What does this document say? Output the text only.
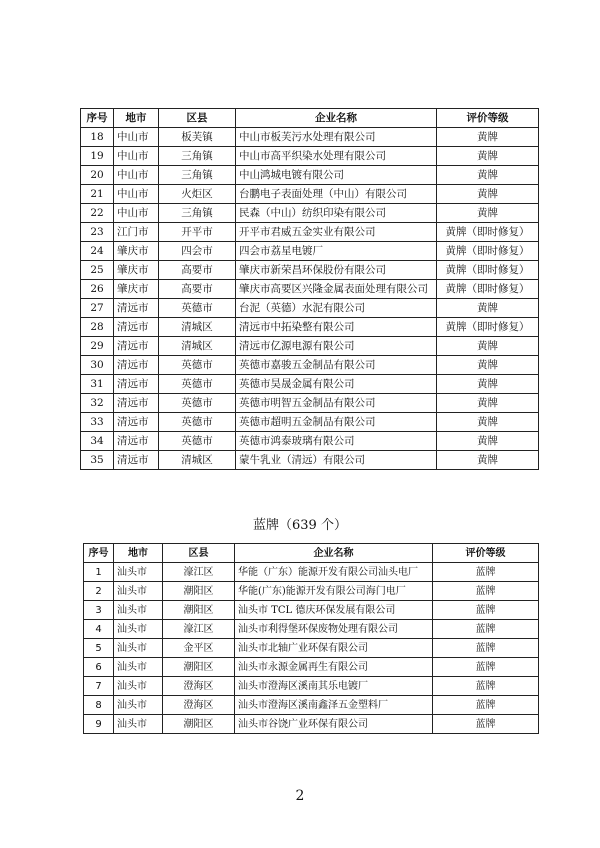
序号	地市	区县	企业名称	评价等级
18	中山市	板芙镇	中山市板芙污水处理有限公司	黄牌
19	中山市	三角镇	中山市高平织染水处理有限公司	黄牌
20	中山市	三角镇	中山鸿城电镀有限公司	黄牌
21	中山市	火炬区	台鹏电子表面处理（中山）有限公司	黄牌
22	中山市	三角镇	民森（中山）纺织印染有限公司	黄牌
23	江门市	开平市	开平市君威五金实业有限公司	黄牌（即时修复）
24	肇庆市	四会市	四会市荔星电镀厂	黄牌（即时修复）
25	肇庆市	高要市	肇庆市新荣昌环保股份有限公司	黄牌（即时修复）
26	肇庆市	高要市	肇庆市高要区兴隆金属表面处理有限公司	黄牌（即时修复）
27	清远市	英德市	台泥（英德）水泥有限公司	黄牌
28	清远市	清城区	清远市中拓染整有限公司	黄牌（即时修复）
29	清远市	清城区	清远市亿源电源有限公司	黄牌
30	清远市	英德市	英德市嘉骏五金制品有限公司	黄牌
31	清远市	英德市	英德市昊晟金属有限公司	黄牌
32	清远市	英德市	英德市明智五金制品有限公司	黄牌
33	清远市	英德市	英德市超明五金制品有限公司	黄牌
34	清远市	英德市	英德市鸿泰玻璃有限公司	黄牌
35	清远市	清城区	蒙牛乳业（清远）有限公司	黄牌
蓝牌（639 个）
序号	地市	区县	企业名称	评价等级
1	汕头市	濠江区	华能（广东）能源开发有限公司汕头电厂	蓝牌
2	汕头市	潮阳区	华能(广东)能源开发有限公司海门电厂	蓝牌
3	汕头市	潮阳区	汕头市 TCL 德庆环保发展有限公司	蓝牌
4	汕头市	濠江区	汕头市利得堡环保废物处理有限公司	蓝牌
5	汕头市	金平区	汕头市北轴广业环保有限公司	蓝牌
6	汕头市	潮阳区	汕头市永源金属再生有限公司	蓝牌
7	汕头市	澄海区	汕头市澄海区溪南其乐电镀厂	蓝牌
8	汕头市	澄海区	汕头市澄海区溪南鑫泽五金塑料厂	蓝牌
9	汕头市	潮阳区	汕头市谷饶广业环保有限公司	蓝牌
2
